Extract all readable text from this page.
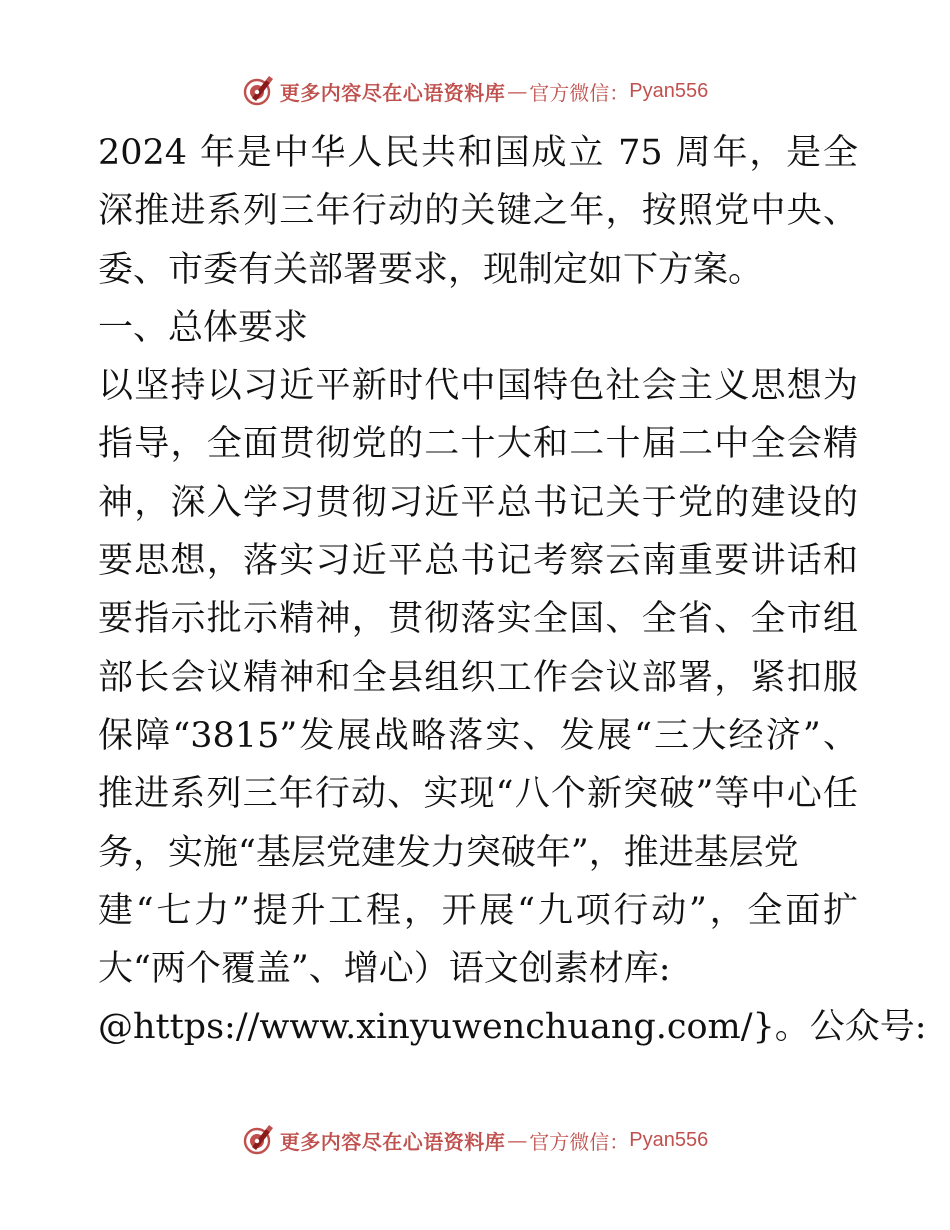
更多内容尽在心语资料库 — 官方微信： Pyan556
2024 年是中华人民共和国成立 75 周年，是全
深推进系列三年行动的关键之年，按照党中央、
委、市委有关部署要求，现制定如下方案。
一、总体要求
以坚持以习近平新时代中国特色社会主义思想为
指导，全面贯彻党的二十大和二十届二中全会精
神，深入学习贯彻习近平总书记关于党的建设的
要思想，落实习近平总书记考察云南重要讲话和
要指示批示精神，贯彻落实全国、全省、全市组
部长会议精神和全县组织工作会议部署，紧扣服
保障“3815”发展战略落实、发展“三大经济”、
推进系列三年行动、实现“八个新突破”等中心任
务，实施“基层党建发力突破年”，推进基层党
建“七力”提升工程，开展“九项行动”，全面扩
大“两个覆盖”、增心）语文创素材库:
@https://www.xinyuwenchuang.com/}。公众号:
更多内容尽在心语资料库 — 官方微信： Pyan556
